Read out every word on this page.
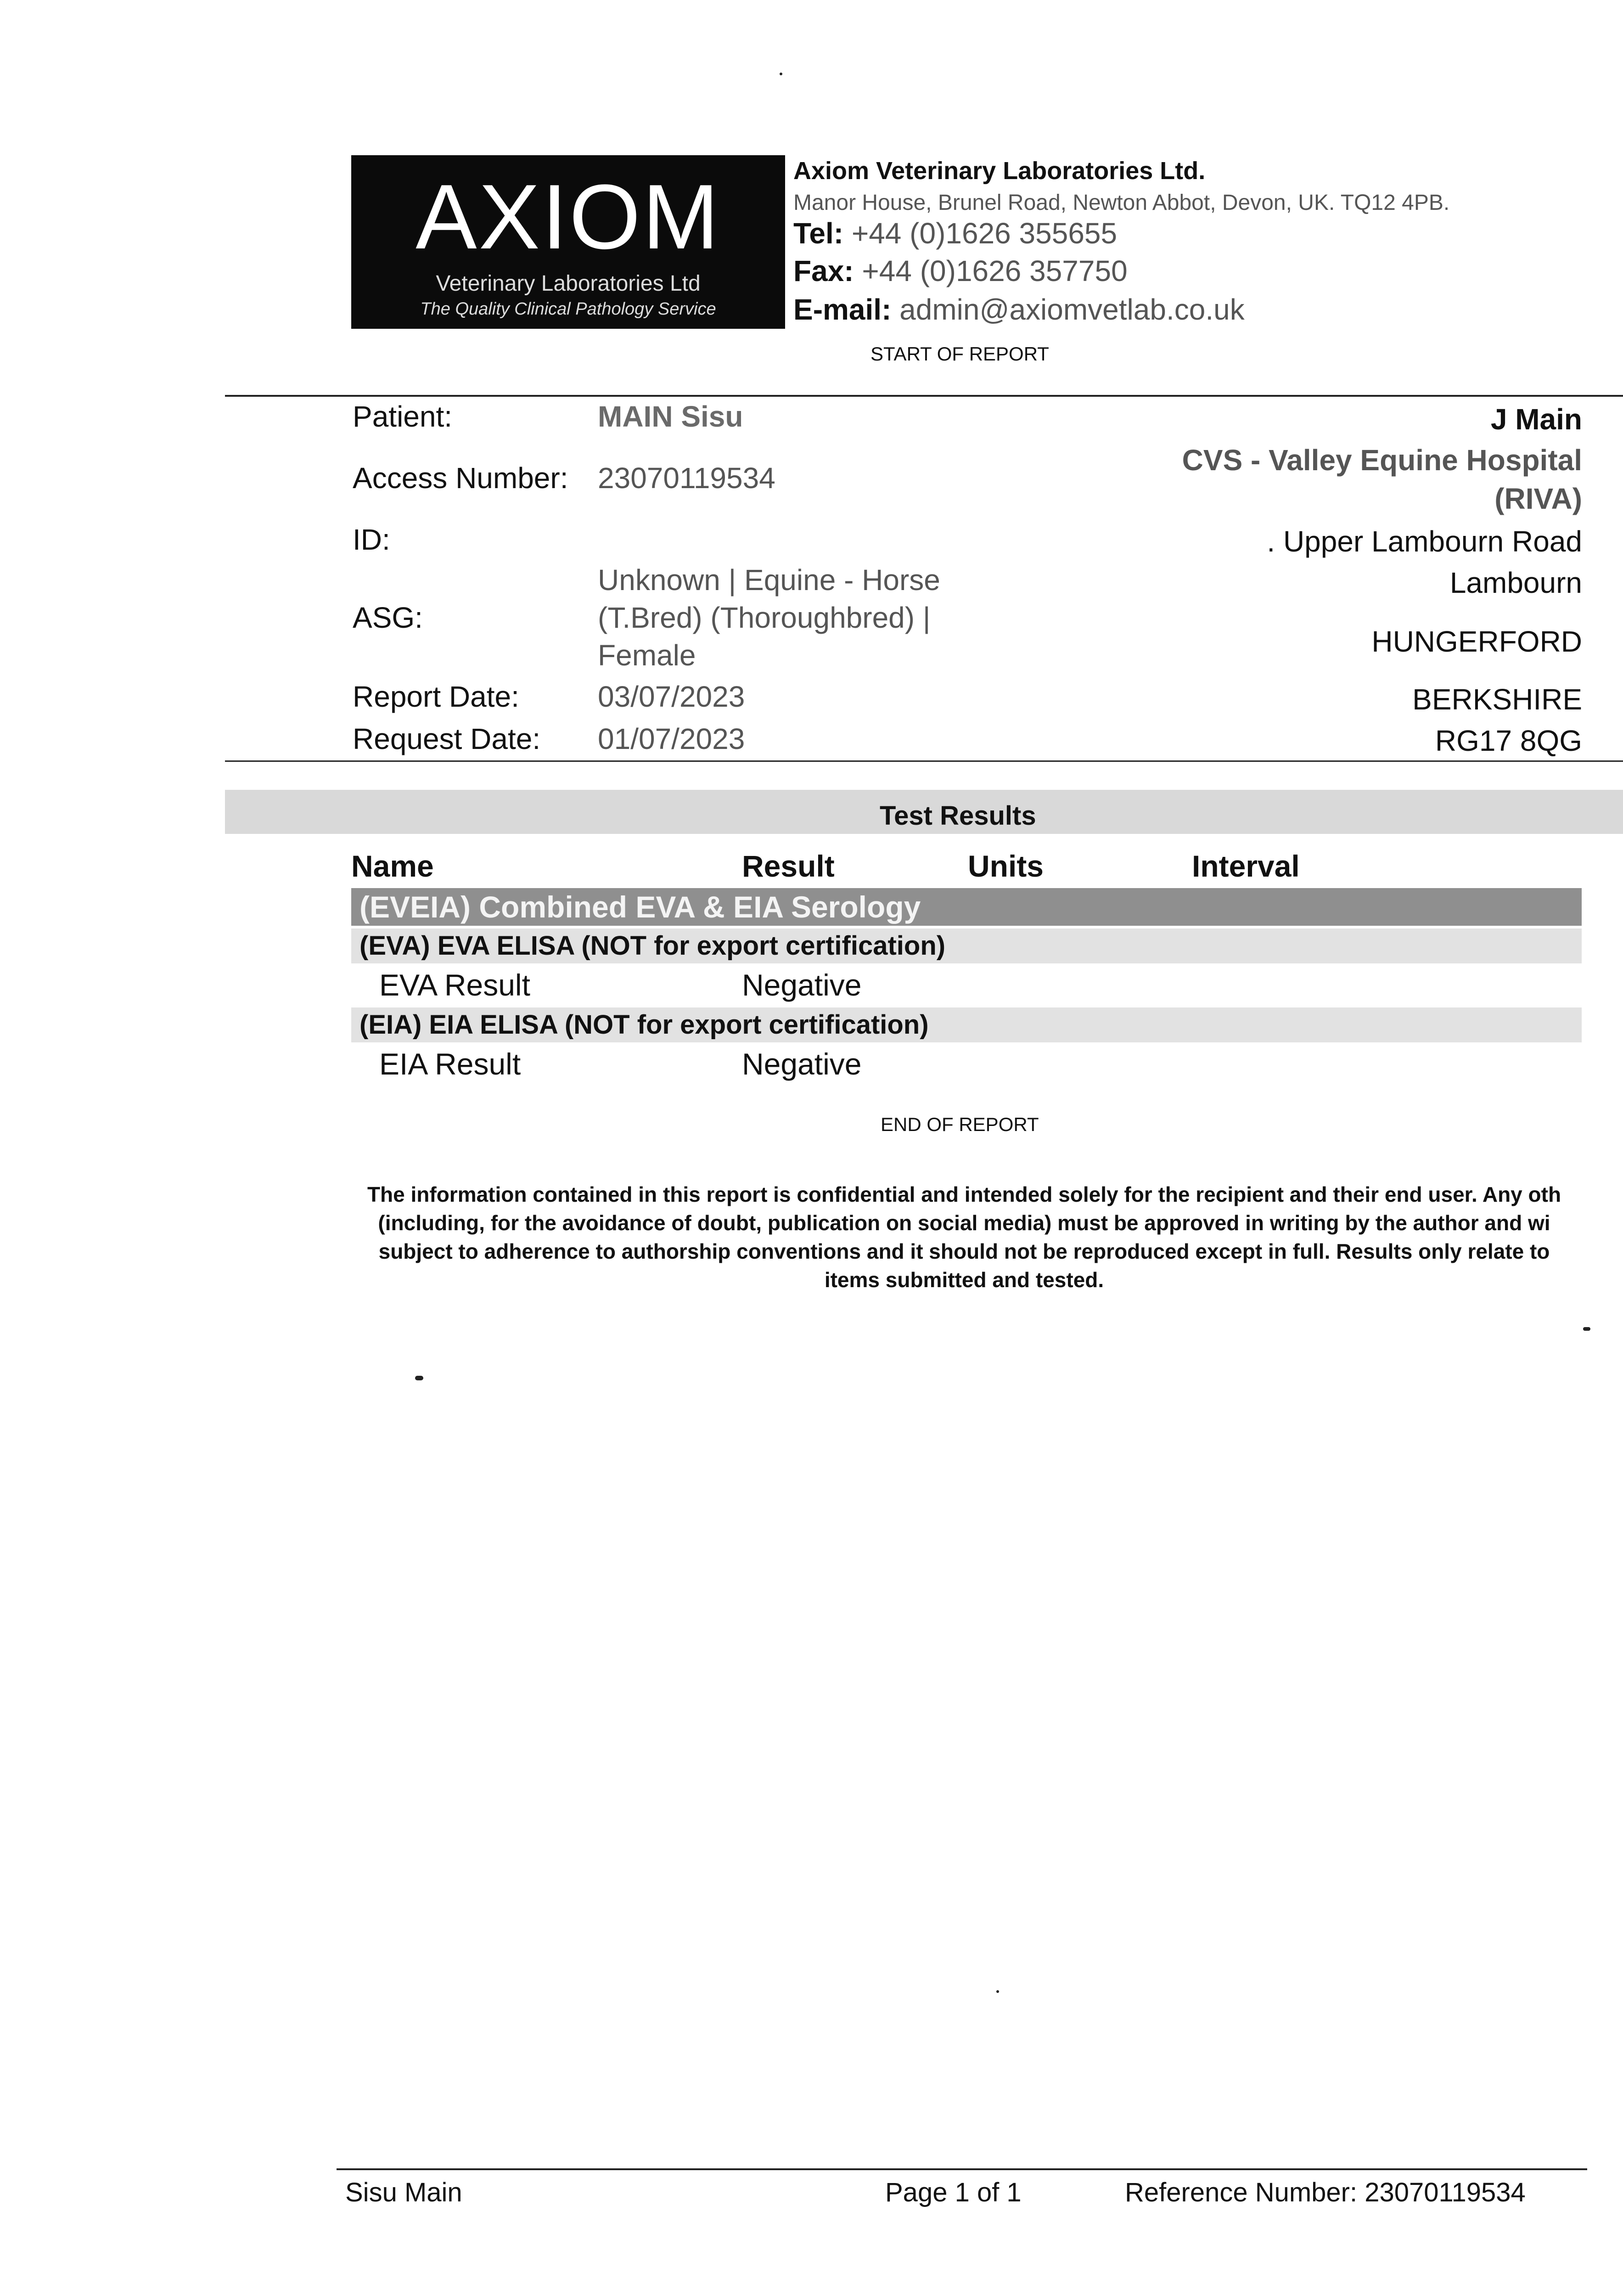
AXIOM
Veterinary Laboratories Ltd
The Quality Clinical Pathology Service
Axiom Veterinary Laboratories Ltd.
Manor House, Brunel Road, Newton Abbot, Devon, UK. TQ12 4PB.
Tel: +44 (0)1626 355655
Fax: +44 (0)1626 357750
E-mail: admin@axiomvetlab.co.uk
START OF REPORT
Patient:	MAIN Sisu
Access Number: 23070119534
ID:
ASG:
Unknown | Equine - Horse (T.Bred) (Thoroughbred) | Female
Report Date:	03/07/2023
Request Date: 01/07/2023
J Main
CVS - Valley Equine Hospital (RIVA)
. Upper Lambourn Road
Lambourn
HUNGERFORD
BERKSHIRE
RG17 8QG
Test Results
Name	Result	Units	Interval
(EVEIA) Combined EVA & EIA Serology
(EVA) EVA ELISA (NOT for export certification)
EVA Result	Negative
(EIA) EIA ELISA (NOT for export certification)
EIA Result	Negative
END OF REPORT
The information contained in this report is confidential and intended solely for the recipient and their end user. Any oth
(including, for the avoidance of doubt, publication on social media) must be approved in writing by the author and wi
subject to adherence to authorship conventions and it should not be reproduced except in full. Results only relate to
items submitted and tested.
Sisu Main	Page 1 of 1	Reference Number: 23070119534
